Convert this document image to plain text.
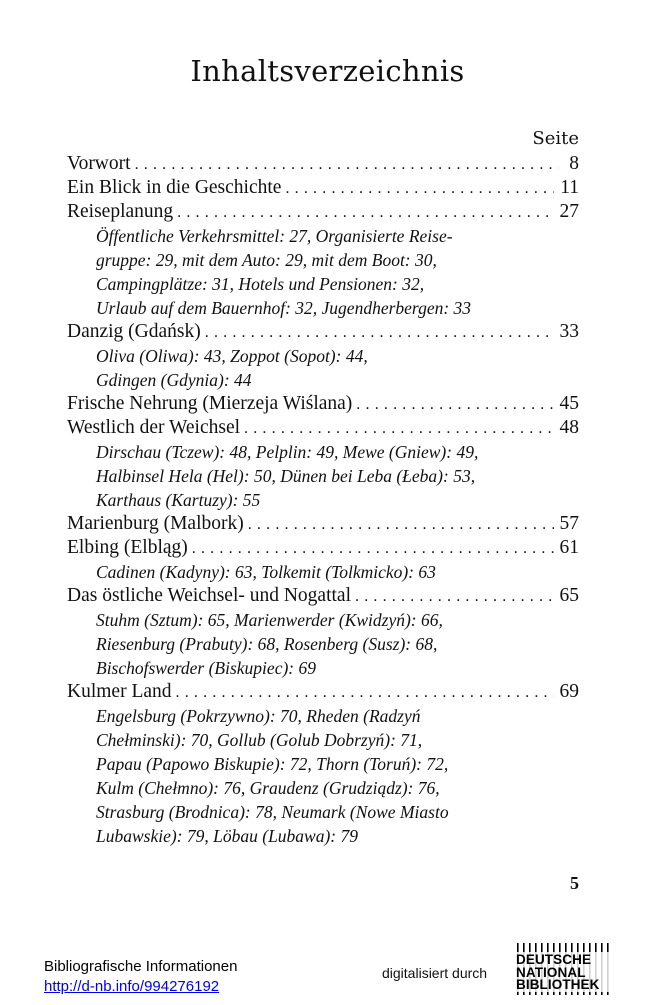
Inhaltsverzeichnis
Seite
Vorwort . . .	8
Ein Blick in die Geschichte . . .	11
Reiseplanung . . .	27
Öffentliche Verkehrsmittel: 27, Organisierte Reise-
gruppe: 29, mit dem Auto: 29, mit dem Boot: 30,
Campingplätze: 31, Hotels und Pensionen: 32,
Urlaub auf dem Bauernhof: 32, Jugendherbergen: 33
Danzig (Gdańsk) . . .	33
Oliva (Oliwa): 43, Zoppot (Sopot): 44,
Gdingen (Gdynia): 44
Frische Nehrung (Mierzeja Wiślana) . . .	45
Westlich der Weichsel . . .	48
Dirschau (Tczew): 48, Pelplin: 49, Mewe (Gniew): 49,
Halbinsel Hela (Hel): 50, Dünen bei Leba (Łeba): 53,
Karthaus (Kartuzy): 55
Marienburg (Malbork) . . .	57
Elbing (Elbląg) . . .	61
Cadinen (Kadyny): 63, Tolkemit (Tolkmicko): 63
Das östliche Weichsel- und Nogattal . . .	65
Stuhm (Sztum): 65, Marienwerder (Kwidzyń): 66,
Riesenburg (Prabuty): 68, Rosenberg (Susz): 68,
Bischofswerder (Biskupiec): 69
Kulmer Land . . .	69
Engelsburg (Pokrzywno): 70, Rheden (Radzyń
Chełminski): 70, Gollub (Golub Dobrzyń): 71,
Papau (Papowo Biskupie): 72, Thorn (Toruń): 72,
Kulm (Chełmno): 76, Graudenz (Grudziądz): 76,
Strasburg (Brodnica): 78, Neumark (Nowe Miasto
Lubawskie): 79, Löbau (Lubawa): 79
5
Bibliografische Informationen
http://d-nb.info/994276192
digitalisiert durch
DEUTSCHE
NATIONAL
BIBLIOTHEK
